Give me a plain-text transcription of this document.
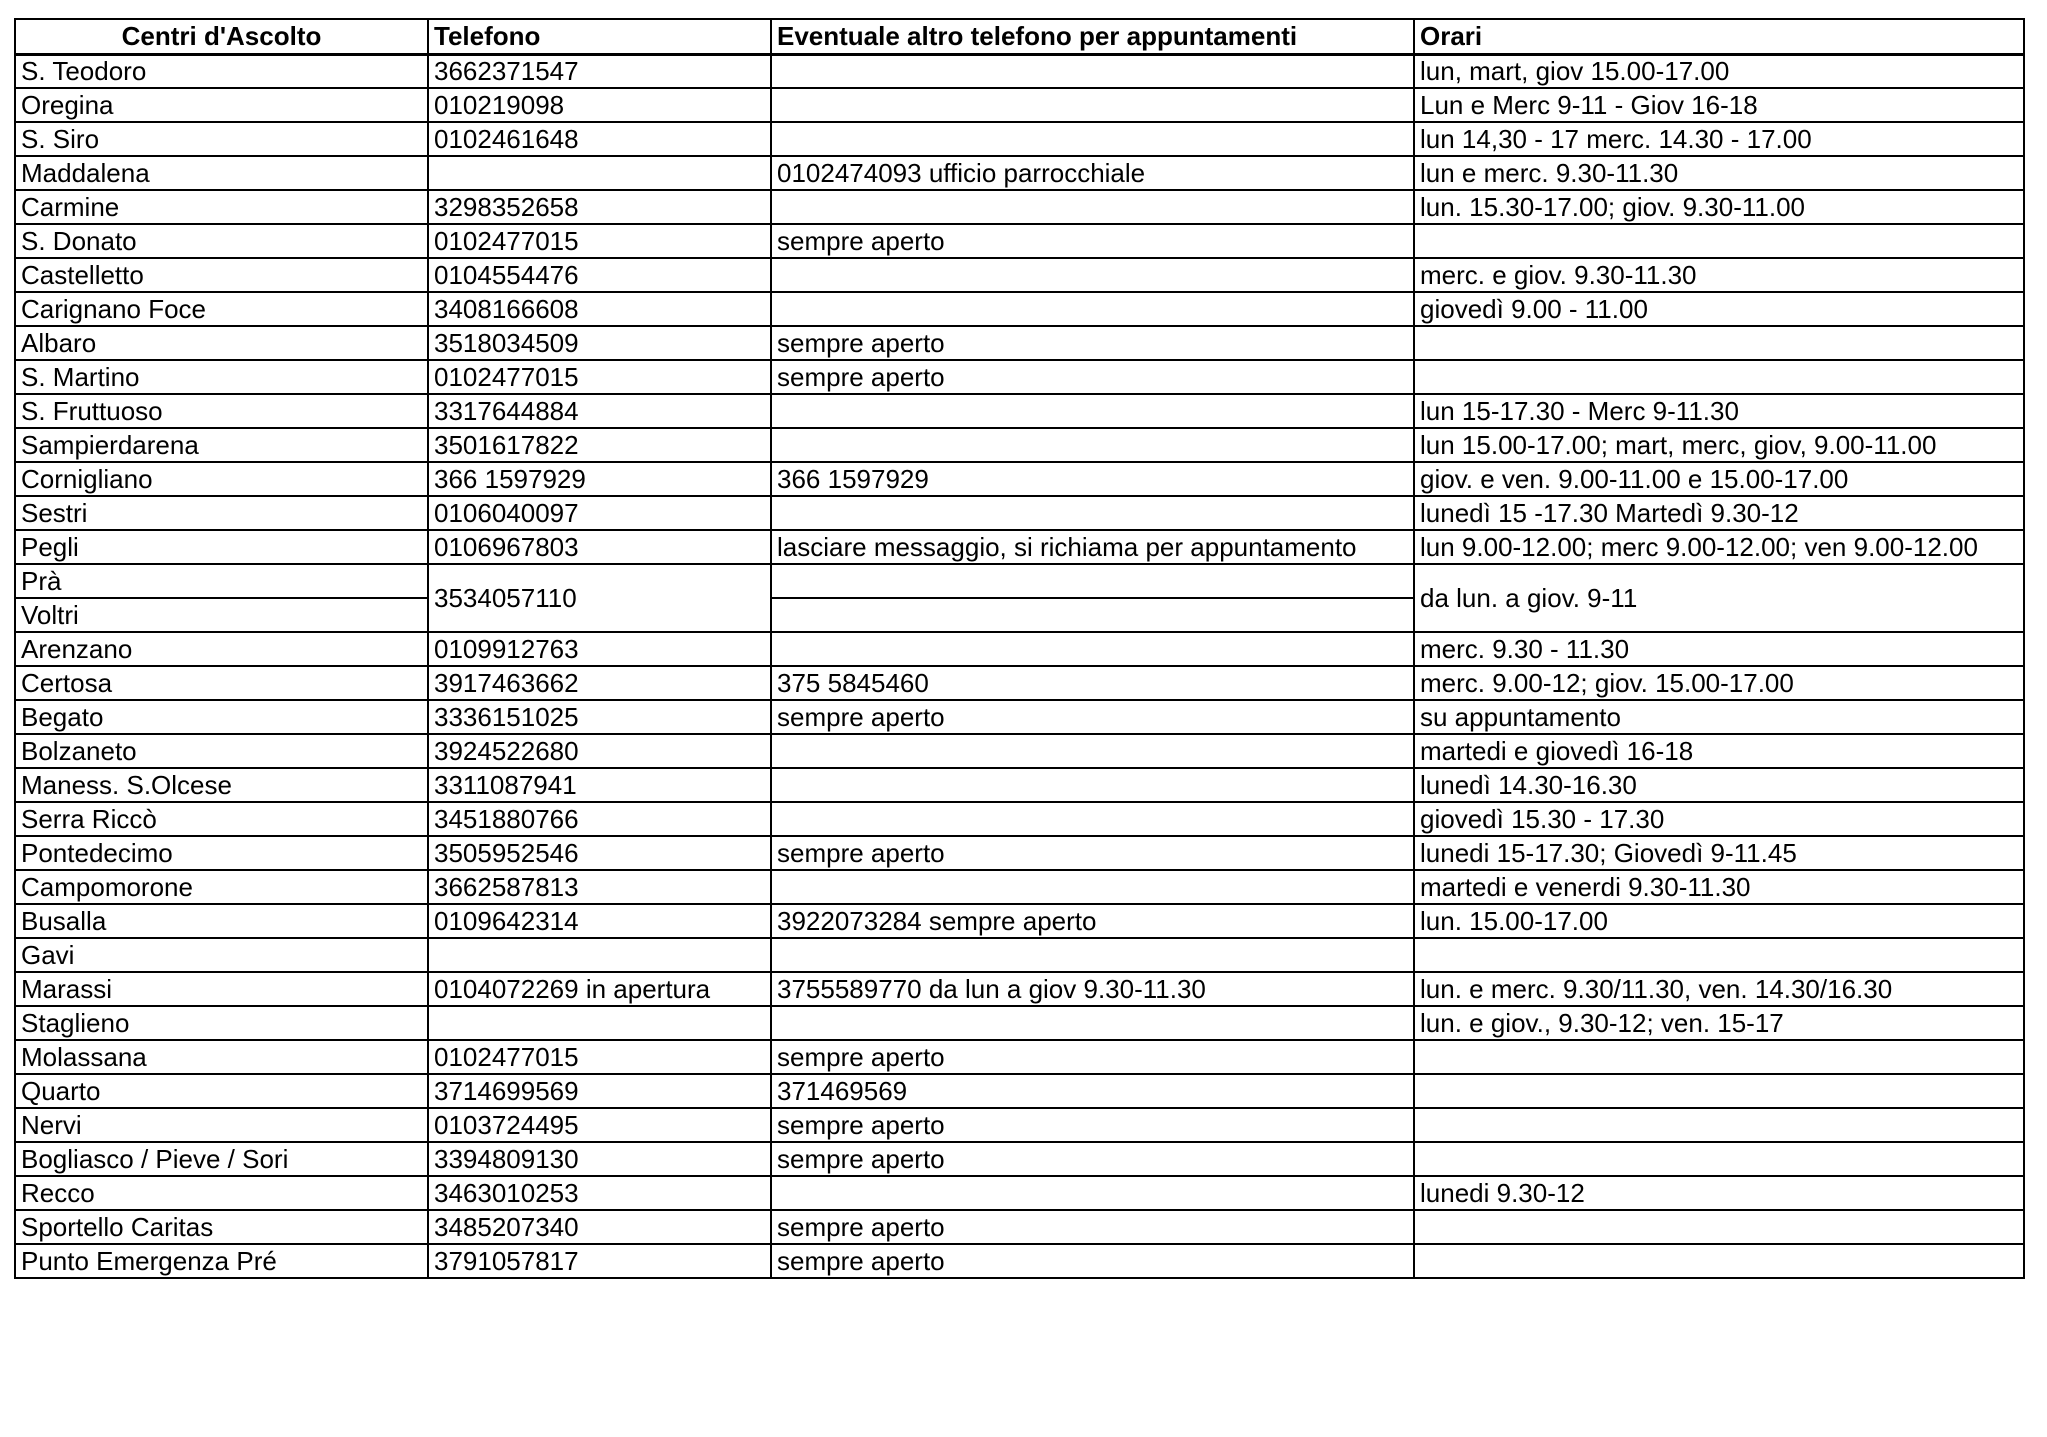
Centri d'Ascolto	Telefono	Eventuale altro telefono per appuntamenti	Orari
S. Teodoro	3662371547		lun, mart, giov 15.00-17.00
Oregina	010219098		Lun e Merc 9-11 - Giov 16-18
S. Siro	0102461648		lun 14,30 - 17 merc. 14.30 - 17.00
Maddalena		0102474093 ufficio parrocchiale	lun e merc. 9.30-11.30
Carmine	3298352658		lun. 15.30-17.00; giov. 9.30-11.00
S. Donato	0102477015	sempre aperto	
Castelletto	0104554476		merc. e giov. 9.30-11.30
Carignano Foce	3408166608		giovedì 9.00 - 11.00
Albaro	3518034509	sempre aperto	
S. Martino	0102477015	sempre aperto	
S. Fruttuoso	3317644884		lun 15-17.30 - Merc 9-11.30
Sampierdarena	3501617822		lun 15.00-17.00; mart, merc, giov, 9.00-11.00
Cornigliano	366 1597929	366 1597929	giov. e ven. 9.00-11.00 e 15.00-17.00
Sestri	0106040097		lunedì 15 -17.30 Martedì 9.30-12
Pegli	0106967803	lasciare messaggio, si richiama per appuntamento	lun 9.00-12.00; merc 9.00-12.00; ven 9.00-12.00
Prà	3534057110		da lun. a giov. 9-11
Voltri			
Arenzano	0109912763		merc. 9.30 - 11.30
Certosa	3917463662	375 5845460	merc. 9.00-12; giov. 15.00-17.00
Begato	3336151025	sempre aperto	su appuntamento
Bolzaneto	3924522680		martedi e giovedì 16-18
Maness. S.Olcese	3311087941		lunedì 14.30-16.30
Serra Riccò	3451880766		giovedì 15.30 - 17.30
Pontedecimo	3505952546	sempre aperto	lunedi 15-17.30; Giovedì 9-11.45
Campomorone	3662587813		martedi e venerdi 9.30-11.30
Busalla	0109642314	3922073284 sempre aperto	lun. 15.00-17.00
Gavi			
Marassi	0104072269 in apertura	3755589770 da lun a giov 9.30-11.30	lun. e merc. 9.30/11.30, ven. 14.30/16.30
Staglieno			lun. e giov., 9.30-12; ven. 15-17
Molassana	0102477015	sempre aperto	
Quarto	3714699569	371469569	
Nervi	0103724495	sempre aperto	
Bogliasco / Pieve / Sori	3394809130	sempre aperto	
Recco	3463010253		lunedi 9.30-12
Sportello Caritas	3485207340	sempre aperto	
Punto Emergenza Pré	3791057817	sempre aperto	
